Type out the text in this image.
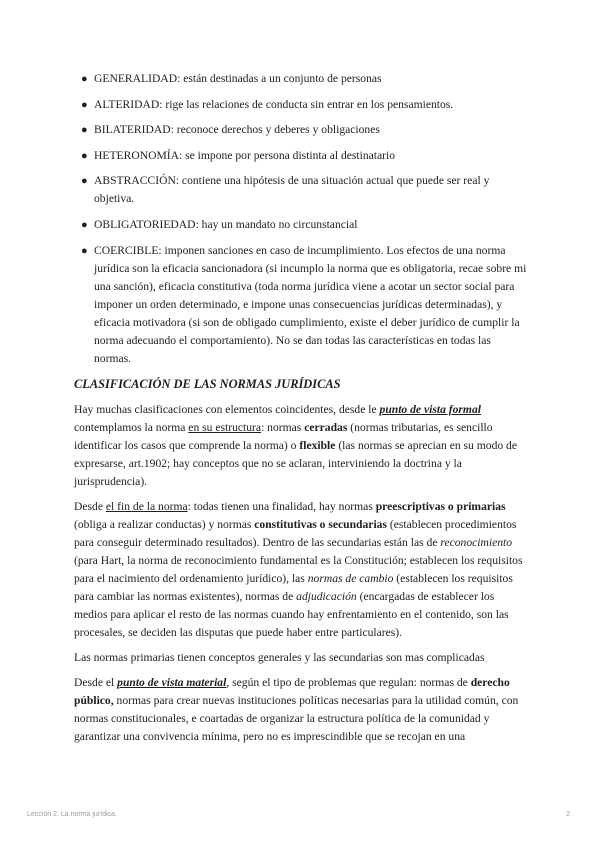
● GENERALIDAD: están destinadas a un conjunto de personas
● ALTERIDAD: rige las relaciones de conducta sin entrar en los pensamientos.
● BILATERIDAD: reconoce derechos y deberes y obligaciones
● HETERONOMÍA: se impone por persona distinta al destinatario
● ABSTRACCIÓN: contiene una hipótesis de una situación actual que puede ser real y objetiva.
● OBLIGATORIEDAD: hay un mandato no circunstancial
● COERCIBLE: imponen sanciones en caso de incumplimiento. Los efectos de una norma jurídica son la eficacia sancionadora (si incumplo la norma que es obligatoria, recae sobre mi una sanción), eficacia constitutiva (toda norma jurídica viene a acotar un sector social para imponer un orden determinado, e impone unas consecuencias jurídicas determinadas), y eficacia motivadora (si son de obligado cumplimiento, existe el deber jurídico de cumplir la norma adecuando el comportamiento). No se dan todas las características en todas las normas.
CLASIFICACIÓN DE LAS NORMAS JURÍDICAS

Hay muchas clasificaciones con elementos coincidentes, desde le punto de vista formal contemplamos la norma en su estructura: normas cerradas (normas tributarias, es sencillo identificar los casos que comprende la norma) o flexible (las normas se aprecian en su modo de expresarse, art.1902; hay conceptos que no se aclaran, interviniendo la doctrina y la jurisprudencia).

Desde el fin de la norma: todas tienen una finalidad, hay normas preescriptivas o primarias (obliga a realizar conductas) y normas constitutivas o secundarias (establecen procedimientos para conseguir determinado resultados). Dentro de las secundarias están las de reconocimiento (para Hart, la norma de reconocimiento fundamental es la Constitución; establecen los requisitos para el nacimiento del ordenamiento jurídico), las normas de cambio (establecen los requisitos para cambiar las normas existentes), normas de adjudicación (encargadas de establecer los medios para aplicar el resto de las normas cuando hay enfrentamiento en el contenido, son las procesales, se deciden las disputas que puede haber entre particulares).

Las normas primarias tienen conceptos generales y las secundarias son mas complicadas

Desde el punto de vista material, según el tipo de problemas que regulan: normas de derecho público, normas para crear nuevas instituciones políticas necesarias para la utilidad común, con normas constitucionales, e coartadas de organizar la estructura política de la comunidad y garantizar una convivencia mínima, pero no es imprescindible que se recojan en una

Lección 2. La norma jurídica.	2
